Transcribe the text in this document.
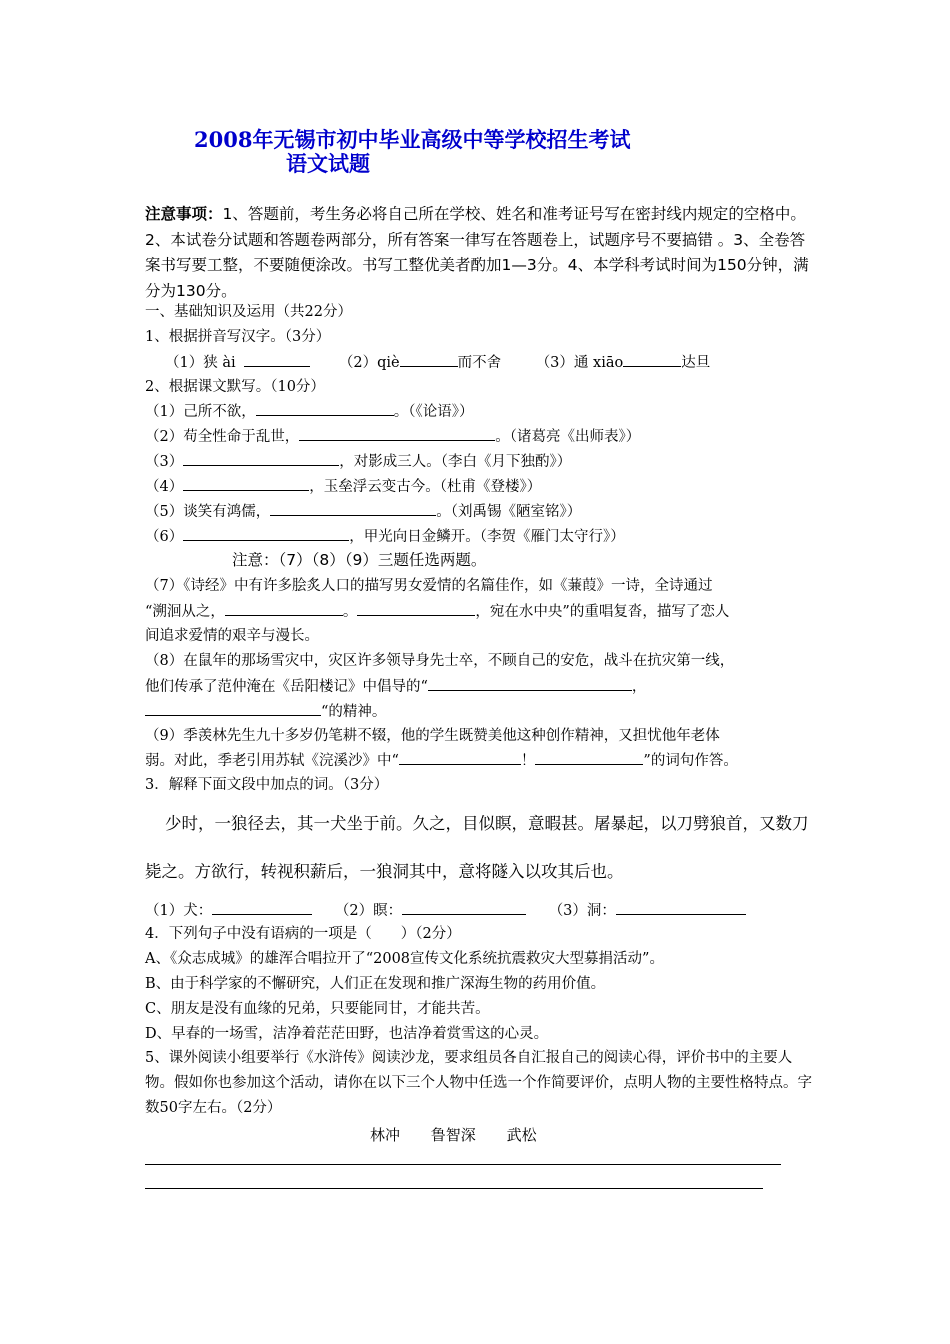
2008年无锡市初中毕业高级中等学校招生考试
语文试题
注意事项：1、答题前，考生务必将自己所在学校、姓名和准考证号写在密封线内规定的空格中。2、本试卷分试题和答题卷两部分，所有答案一律写在答题卷上，试题序号不要搞错 。3、全卷答案书写要工整，不要随便涂改。书写工整优美者酌加1—3分。4、本学科考试时间为150分钟，满分为130分。
一、基础知识及运用（共22分）
1、根据拼音写汉字。（3分）
（1）狭 ài	（2）qiè	而不舍 （3）通 xiāo	达旦
2、根据课文默写。（10分）
（1）己所不欲，	。（《论语》）
（2）苟全性命于乱世，	。（诸葛亮《出师表》）
（3）	，对影成三人。（李白《月下独酌》）
（4）	，玉垒浮云变古今。（杜甫《登楼》）
（5）谈笑有鸿儒，	。（刘禹锡《陋室铭》）
（6）	，甲光向日金鳞开。（李贺《雁门太守行》）
注意：（7）（8）（9）三题任选两题。
（7）《诗经》中有许多脍炙人口的描写男女爱情的名篇佳作，如《蒹葭》一诗，全诗通过
“溯洄从之，	。	，宛在水中央”的重唱复沓，描写了恋人
间追求爱情的艰辛与漫长。
（8）在鼠年的那场雪灾中，灾区许多领导身先士卒，不顾自己的安危，战斗在抗灾第一线，
他们传承了范仲淹在《岳阳楼记》中倡导的“	，
“的精神。
（9）季羡林先生九十多岁仍笔耕不辍，他的学生既赞美他这种创作精神，又担忧他年老体
弱。对此，季老引用苏轼《浣溪沙》中“	！	”的词句作答。
3．解释下面文段中加点的词。（3分）
少时，一狼径去，其一犬坐于前。久之，目似瞑，意暇甚。屠暴起，以刀劈狼首，又数刀
毙之。方欲行，转视积薪后，一狼洞其中，意将隧入以攻其后也。
（1）犬：	（2）瞑：	（3）洞：
4．下列句子中没有语病的一项是（　　）（2分）
A、《众志成城》的雄浑合唱拉开了“2008宣传文化系统抗震救灾大型募捐活动”。
B、由于科学家的不懈研究，人们正在发现和推广深海生物的药用价值。
C、朋友是没有血缘的兄弟，只要能同甘，才能共苦。
D、早春的一场雪，洁净着茫茫田野，也洁净着赏雪这的心灵。
5、课外阅读小组要举行《水浒传》阅读沙龙，要求组员各自汇报自己的阅读心得，评价书中的主要人物。假如你也参加这个活动，请你在以下三个人物中任选一个作简要评价，点明人物的主要性格特点。字数50字左右。（2分）
林冲 鲁智深 武松
